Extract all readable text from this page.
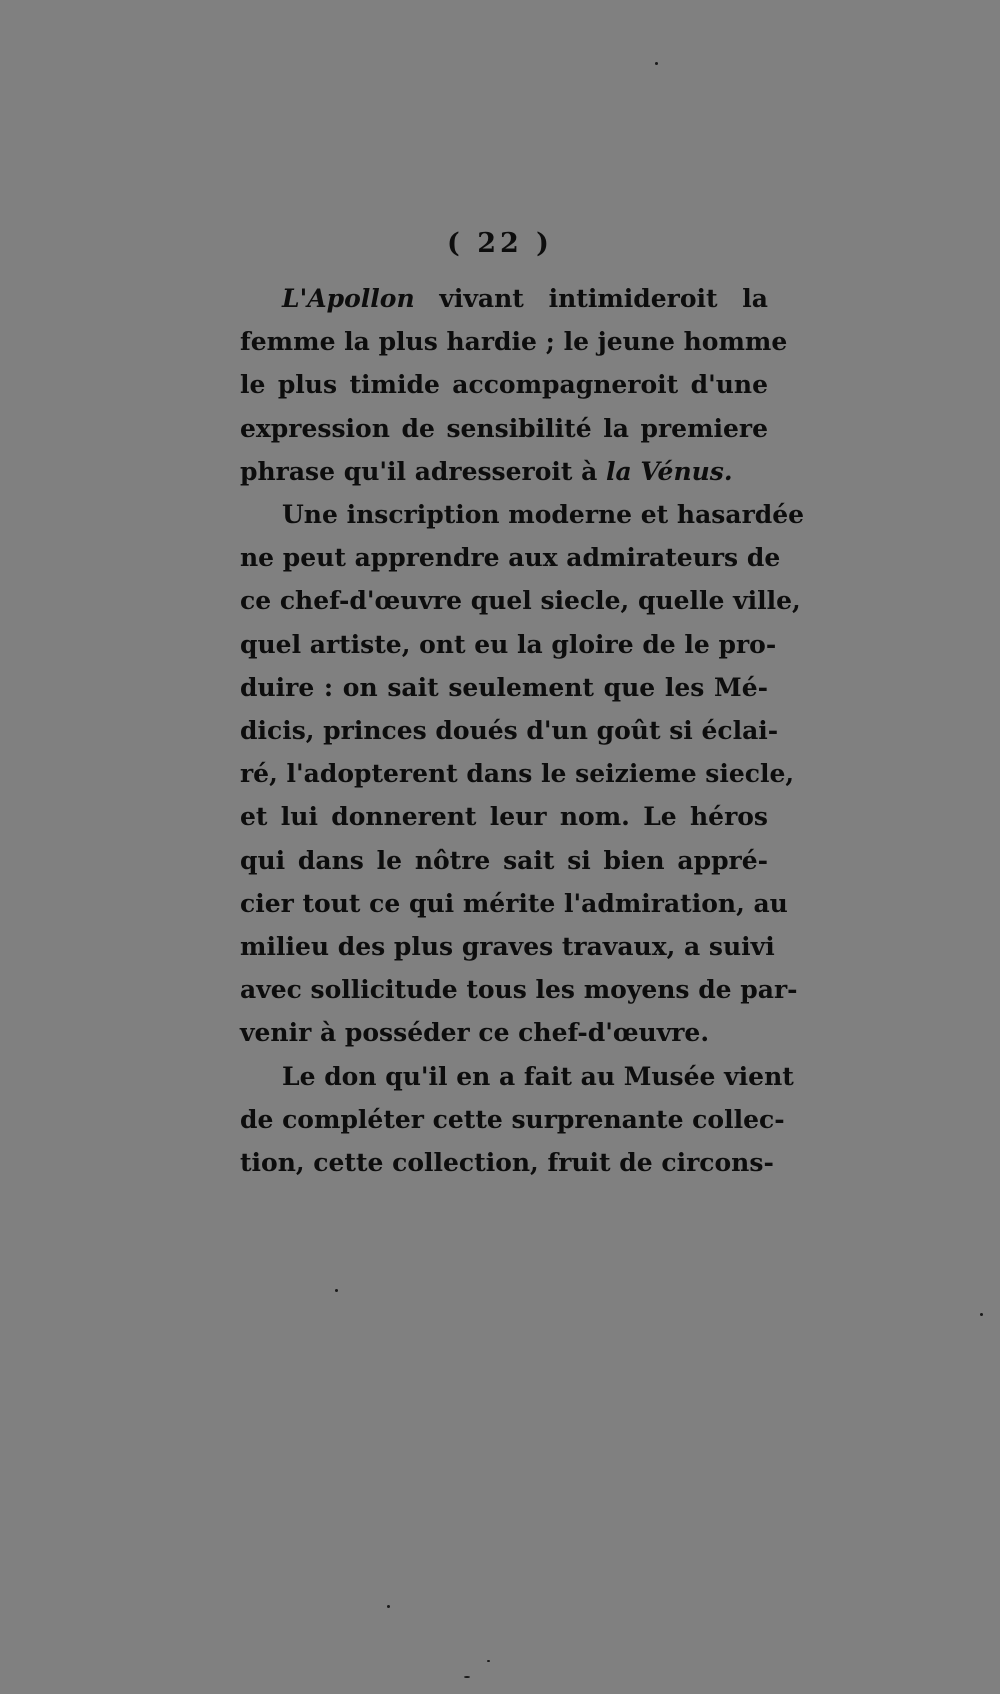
( 22 )
L'Apollon vivant intimideroit la
femme la plus hardie ; le jeune homme
le plus timide accompagneroit d'une
expression de sensibilité la premiere
phrase qu'il adresseroit à la Vénus.
Une inscription moderne et hasardée
ne peut apprendre aux admirateurs de
ce chef-d'œuvre quel siecle, quelle ville,
quel artiste, ont eu la gloire de le pro-
duire : on sait seulement que les Mé-
dicis, princes doués d'un goût si éclai-
ré, l'adopterent dans le seizieme siecle,
et lui donnerent leur nom. Le héros
qui dans le nôtre sait si bien appré-
cier tout ce qui mérite l'admiration, au
milieu des plus graves travaux, a suivi
avec sollicitude tous les moyens de par-
venir à posséder ce chef-d'œuvre.
Le don qu'il en a fait au Musée vient
de compléter cette surprenante collec-
tion, cette collection, fruit de circons-
